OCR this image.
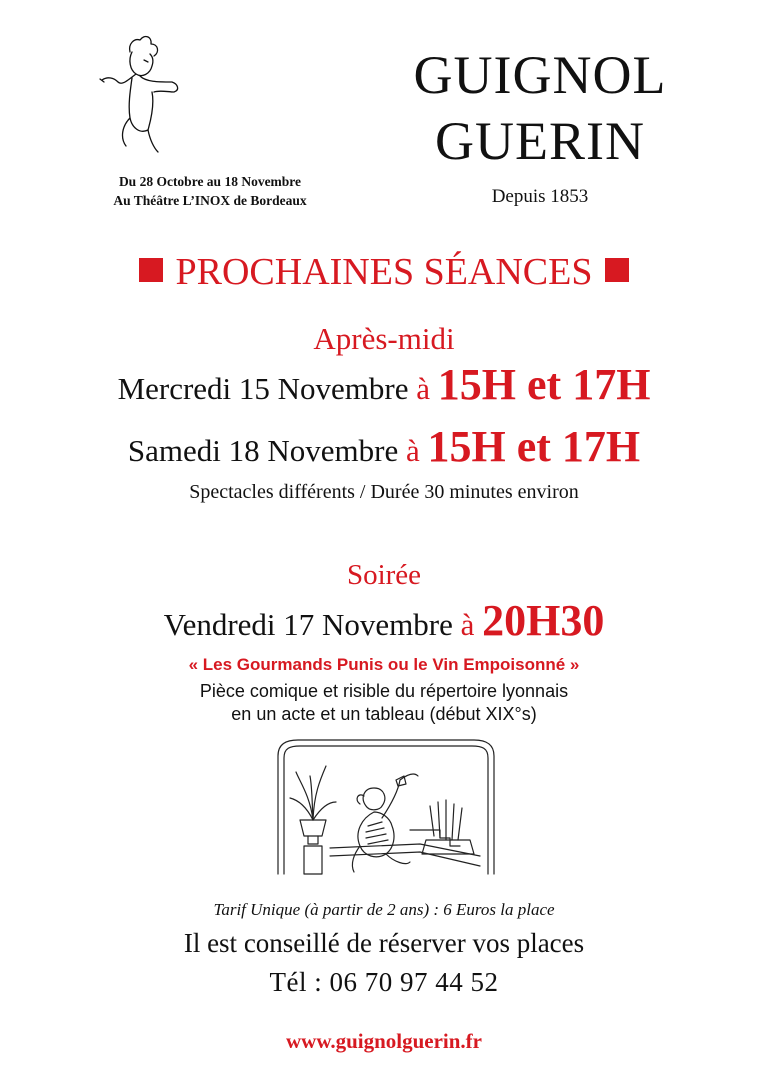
Du 28 Octobre au 18 Novembre
Au Théâtre L’INOX de Bordeaux
GUIGNOL
GUERIN
Depuis 1853
PROCHAINES SÉANCES
Après-midi
Mercredi 15 Novembre à 15H et 17H
Samedi 18 Novembre à 15H et 17H
Spectacles différents / Durée 30 minutes environ
Soirée
Vendredi 17 Novembre à 20H30
« Les Gourmands Punis ou le Vin Empoisonné »
Pièce comique et risible du répertoire lyonnais
en un acte et un tableau (début XIX°s)
Tarif Unique (à partir de 2 ans) : 6 Euros la place
Il est conseillé de réserver vos places
Tél : 06 70 97 44 52
www.guignolguerin.fr
